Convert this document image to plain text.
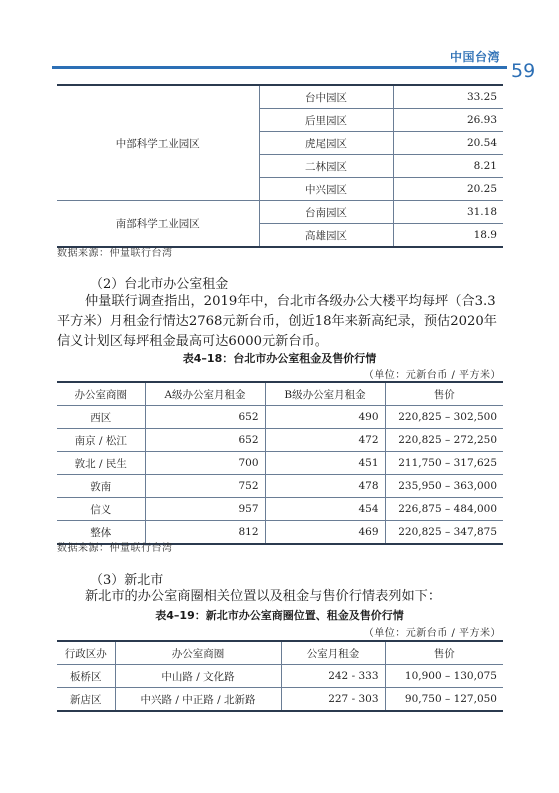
中国台湾
59
中部科学工业园区	台中园区	33.25
	后里园区	26.93
	虎尾园区	20.54
	二林园区	8.21
	中兴园区	20.25
南部科学工业园区	台南园区	31.18
	高雄园区	18.9
数据来源：仲量联行台湾
（2）台北市办公室租金

仲量联行调查指出，2019年中，台北市各级办公大楼平均每坪（合3.3平方米）月租金行情达2768元新台币，创近18年来新高纪录，预估2020年信义计划区每坪租金最高可达6000元新台币。

表4–18：台北市办公室租金及售价行情
（单位：元新台币 / 平方米）
办公室商圈	A级办公室月租金	B级办公室月租金	售价
西区	652	490	220,825 – 302,500
南京 / 松江	652	472	220,825 – 272,250
敦北 / 民生	700	451	211,750 – 317,625
敦南	752	478	235,950 – 363,000
信义	957	454	226,875 – 484,000
整体	812	469	220,825 – 347,875
数据来源：仲量联行台湾
（3）新北市

新北市的办公室商圈相关位置以及租金与售价行情表列如下：

表4–19：新北市办公室商圈位置、租金及售价行情
（单位：元新台币 / 平方米）
行政区办	办公室商圈	公室月租金	售价
板桥区	中山路 / 文化路	242 - 333	10,900 – 130,075
新店区	中兴路 / 中正路 / 北新路	227 - 303	90,750 – 127,050
